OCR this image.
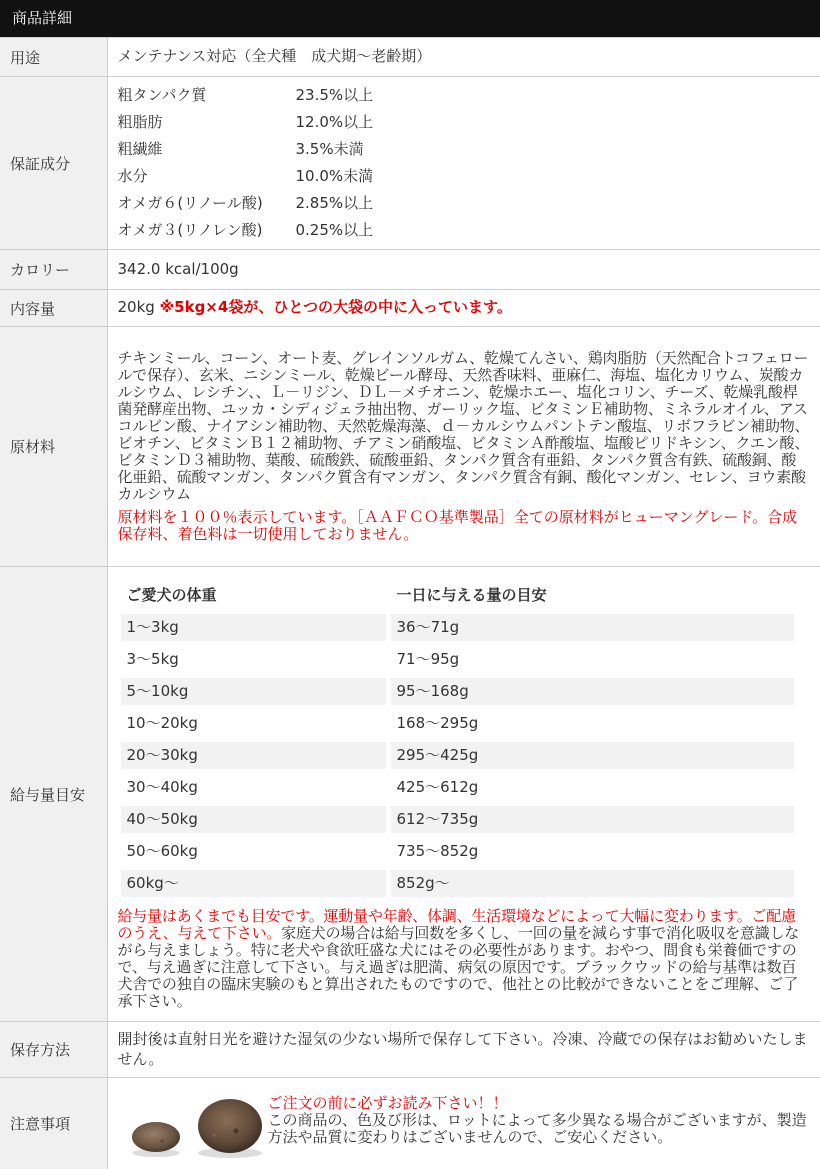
商品詳細
用途	メンテナンス対応（全犬種　成犬期～老齢期）
保証成分	
粗タンパク質	23.5%以上
粗脂肪	12.0%以上
粗繊維	3.5%未満
水分	10.0%未満
オメガ６(リノール酸)	2.85%以上
オメガ３(リノレン酸)	0.25%以上

カロリー	342.0 kcal/100g
内容量	20kg ※5kg×4袋が、ひとつの大袋の中に入っています。
原材料	
チキンミール、コーン、オート麦、グレインソルガム、乾燥てんさい、鶏肉脂肪（天然配合トコフェロールで保存）、玄米、ニシンミール、乾燥ビール酵母、天然香味料、亜麻仁、海塩、塩化カリウム、炭酸カルシウム、レシチン、、Ｌ－リジン、ＤＬ－メチオニン、乾燥ホエー、塩化コリン、チーズ、乾燥乳酸桿菌発酵産出物、ユッカ・シディジェラ抽出物、ガーリック塩、ビタミンＥ補助物、ミネラルオイル、アスコルビン酸、ナイアシン補助物、天然乾燥海藻、ｄ－カルシウムパントテン酸塩、リボフラビン補助物、ビオチン、ビタミンＢ１２補助物、チアミン硝酸塩、ビタミンＡ酢酸塩、塩酸ピリドキシン、クエン酸、ビタミンＤ３補助物、葉酸、硫酸鉄、硫酸亜鉛、タンパク質含有亜鉛、タンパク質含有鉄、硫酸銅、酸化亜鉛、硫酸マンガン、タンパク質含有マンガン、タンパク質含有銅、酸化マンガン、セレン、ヨウ素酸カルシウム
原材料を１００％表示しています。［ＡＡＦＣＯ基準製品］全ての原材料がヒューマングレード。合成保存料、着色料は一切使用しておりません。

給与量目安	
ご愛犬の体重	一日に与える量の目安
1～3kg	36～71g
3～5kg	71～95g
5～10kg	95～168g
10～20kg	168～295g
20～30kg	295～425g
30～40kg	425～612g
40～50kg	612～735g
50～60kg	735～852g
60kg～	852g～
給与量はあくまでも目安です。運動量や年齢、体調、生活環境などによって大幅に変わります。ご配慮のうえ、与えて下さい。家庭犬の場合は給与回数を多くし、一回の量を減らす事で消化吸収を意識しながら与えましょう。特に老犬や食欲旺盛な犬にはその必要性があります。おやつ、間食も栄養価ですので、与え過ぎに注意して下さい。与え過ぎは肥満、病気の原因です。ブラックウッドの給与基準は数百犬舎での独自の臨床実験のもと算出されたものですので、他社との比較ができないことをご理解、ご了承下さい。

保存方法	開封後は直射日光を避けた湿気の少ない場所で保存して下さい。冷凍、冷蔵での保存はお勧めいたしません。
注意事項	
ご注文の前に必ずお読み下さい！！
この商品の、色及び形は、ロットによって多少異なる場合がございますが、製造方法や品質に変わりはございませんので、ご安心ください。
